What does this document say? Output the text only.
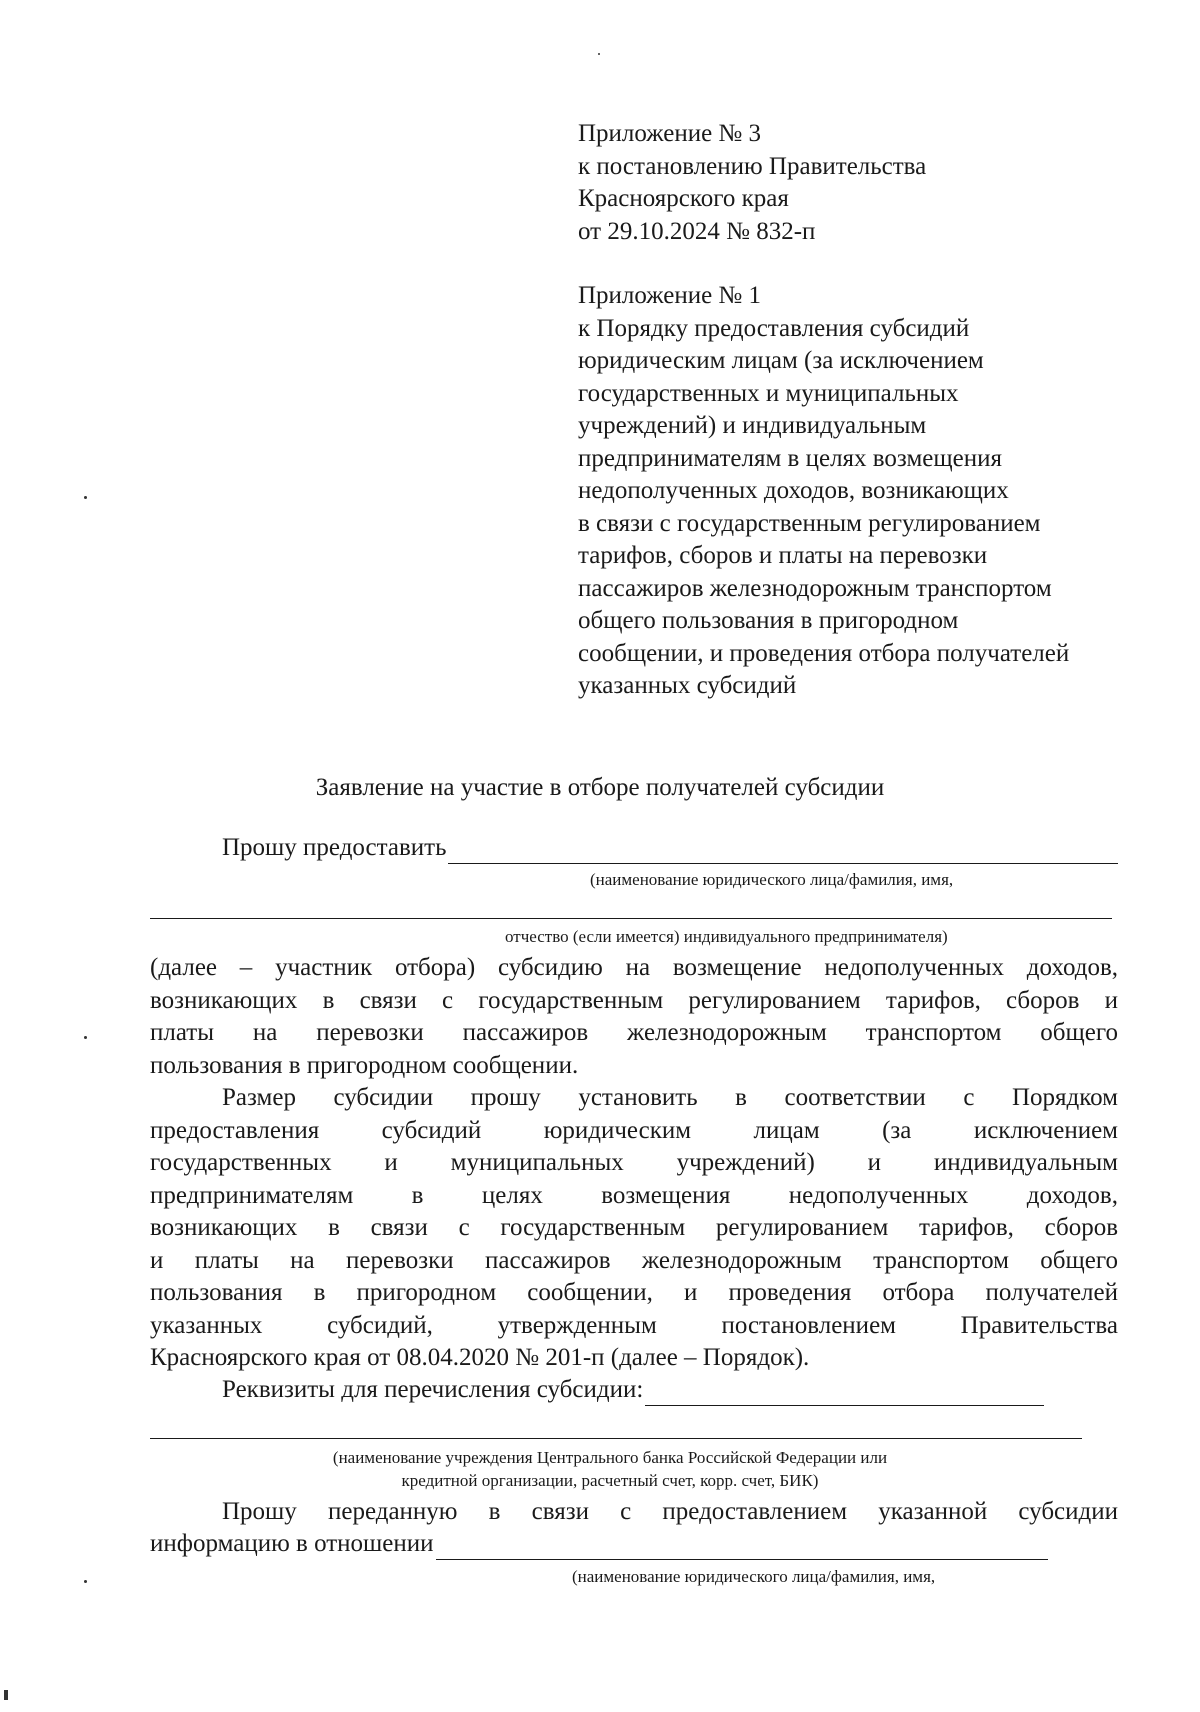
Приложение № 3
к постановлению Правительства
Красноярского края
от 29.10.2024 № 832-п
Приложение № 1
к Порядку предоставления субсидий
юридическим лицам (за исключением
государственных и муниципальных
учреждений) и индивидуальным
предпринимателям в целях возмещения
недополученных доходов, возникающих
в связи с государственным регулированием
тарифов, сборов и платы на перевозки
пассажиров железнодорожным транспортом
общего пользования в пригородном
сообщении, и проведения отбора получателей
указанных субсидий
Заявление на участие в отборе получателей субсидии
Прошу предоставить
(наименование юридического лица/фамилия, имя,
отчество (если имеется) индивидуального предпринимателя)
(далее – участник отбора) субсидию на возмещение недополученных доходов,
возникающих в связи с государственным регулированием тарифов, сборов и
платы на перевозки пассажиров железнодорожным транспортом общего
пользования в пригородном сообщении.
Размер субсидии прошу установить в соответствии с Порядком
предоставления субсидий юридическим лицам (за исключением
государственных и муниципальных учреждений) и индивидуальным
предпринимателям в целях возмещения недополученных доходов,
возникающих в связи с государственным регулированием тарифов, сборов
и платы на перевозки пассажиров железнодорожным транспортом общего
пользования в пригородном сообщении, и проведения отбора получателей
указанных субсидий, утвержденным постановлением Правительства
Красноярского края от 08.04.2020 № 201-п (далее – Порядок).
Реквизиты для перечисления субсидии:
(наименование учреждения Центрального банка Российской Федерации или
кредитной организации, расчетный счет, корр. счет, БИК)
Прошу переданную в связи с предоставлением указанной субсидии
информацию в отношении
(наименование юридического лица/фамилия, имя,
